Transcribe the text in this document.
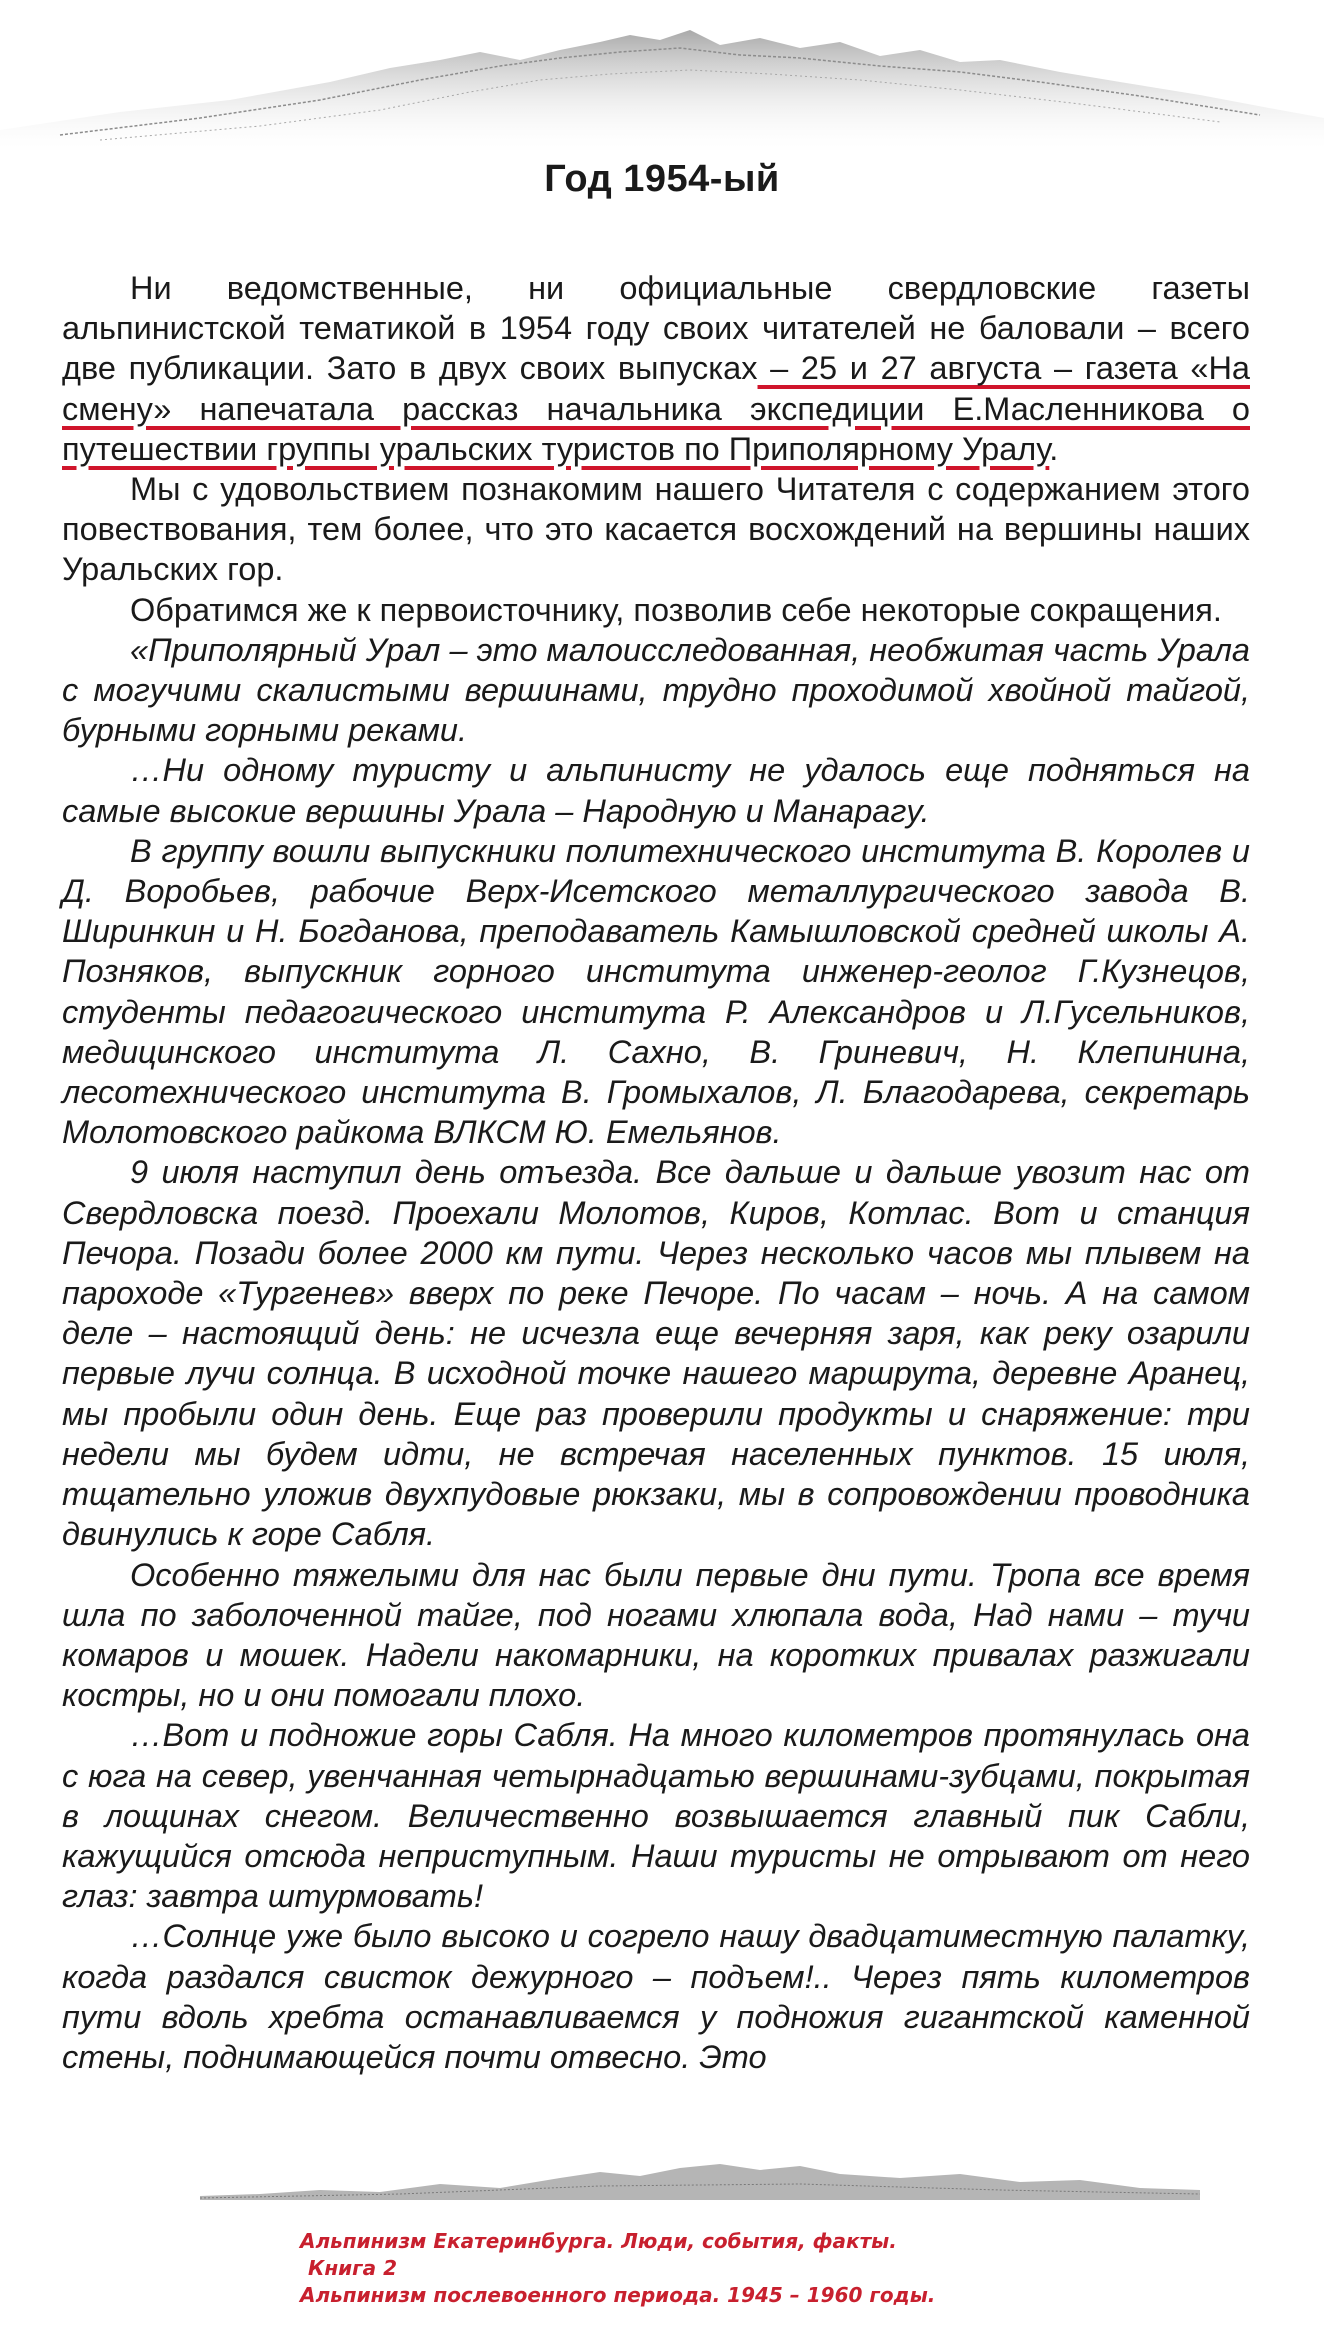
Год 1954-ый

Ни ведомственные, ни официальные свердловские газеты альпинистской тематикой в 1954 году своих читателей не баловали – всего две публикации. Зато в двух своих выпусках – 25 и 27 августа – газета «На смену» напечатала рассказ начальника экспедиции Е.Масленникова о путешествии группы уральских туристов по Приполярному Уралу.

Мы с удовольствием познакомим нашего Читателя с содержанием этого повествования, тем более, что это касается восхождений на вершины наших Уральских гор.

Обратимся же к первоисточнику, позволив себе некоторые сокращения.

«Приполярный Урал – это малоисследованная, необжитая часть Урала с могучими скалистыми вершинами, трудно проходимой хвойной тайгой, бурными горными реками.

…Ни одному туристу и альпинисту не удалось еще подняться на самые высокие вершины Урала – Народную и Манарагу.

В группу вошли выпускники политехнического института В. Королев и Д. Воробьев, рабочие Верх-Исетского металлургического завода В. Ширинкин и Н. Богданова, преподаватель Камышловской средней школы А. Позняков, выпускник горного института инженер-геолог Г.Кузнецов, студенты педагогического института Р. Александров и Л.Гусельников, медицинского института Л. Сахно, В. Гриневич, Н. Клепинина, лесотехнического института В. Громыхалов, Л. Благодарева, секретарь Молотовского райкома ВЛКСМ Ю. Емельянов.

9 июля наступил день отъезда. Все дальше и дальше увозит нас от Свердловска поезд. Проехали Молотов, Киров, Котлас. Вот и станция Печора. Позади более 2000 км пути. Через несколько часов мы плывем на пароходе «Тургенев» вверх по реке Печоре. По часам – ночь. А на самом деле – настоящий день: не исчезла еще вечерняя заря, как реку озарили первые лучи солнца. В исходной точке нашего маршрута, деревне Аранец, мы пробыли один день. Еще раз проверили продукты и снаряжение: три недели мы будем идти, не встречая населенных пунктов. 15 июля, тщательно уложив двухпудовые рюкзаки, мы в сопровождении проводника двинулись к горе Сабля.

Особенно тяжелыми для нас были первые дни пути. Тропа все время шла по заболоченной тайге, под ногами хлюпала вода, Над нами – тучи комаров и мошек. Надели накомарники, на коротких привалах разжигали костры, но и они помогали плохо.

…Вот и подножие горы Сабля. На много километров протянулась она с юга на север, увенчанная четырнадцатью вершинами-зубцами, покрытая в лощинах снегом. Величественно возвышается главный пик Сабли, кажущийся отсюда неприступным. Наши туристы не отрывают от него глаз: завтра штурмовать!

…Солнце уже было высоко и согрело нашу двадцатиместную палатку, когда раздался свисток дежурного – подъем!.. Через пять километров пути вдоль хребта останавливаемся у подножия гигантской каменной стены, поднимающейся почти отвесно. Это

Альпинизм Екатеринбурга. Люди, события, факты.
Книга 2
Альпинизм послевоенного периода. 1945 – 1960 годы.
